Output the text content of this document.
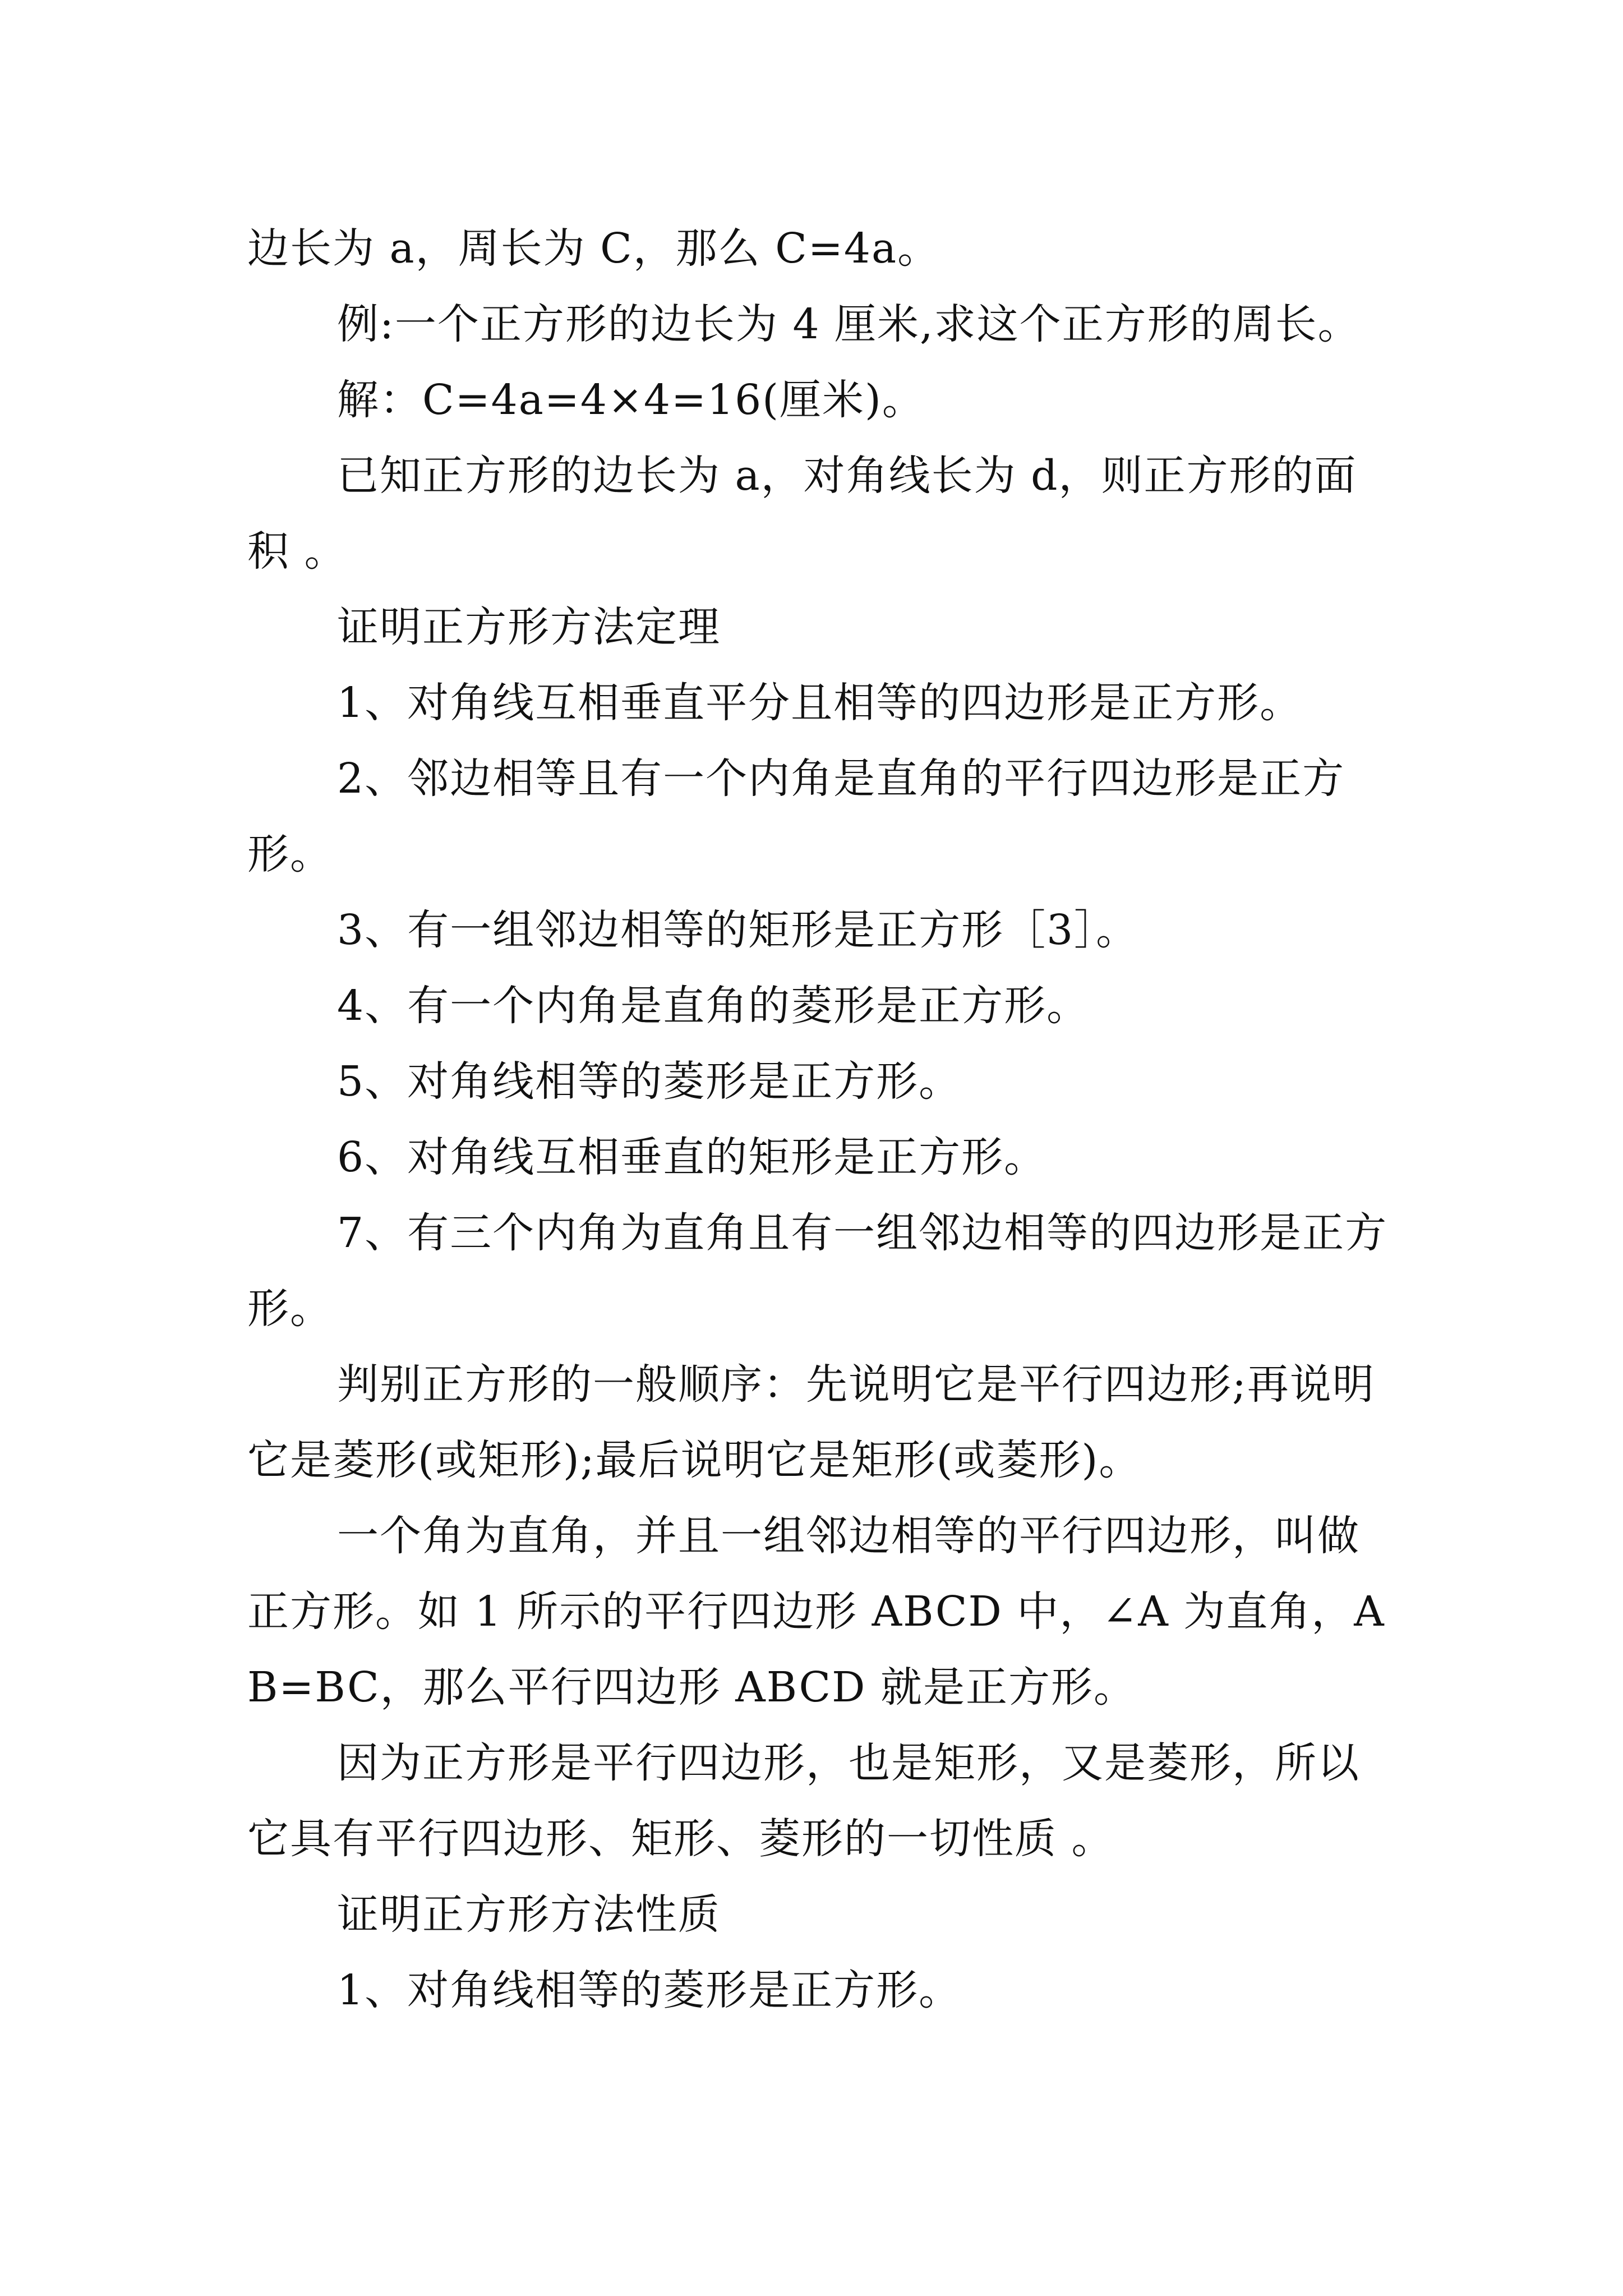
边长为 a，周长为 C，那么 C=4a。

例:一个正方形的边长为 4 厘米,求这个正方形的周长。

解：C=4a=4×4=16(厘米)。

已知正方形的边长为 a，对角线长为 d，则正方形的面积 。

证明正方形方法定理

1、对角线互相垂直平分且相等的四边形是正方形。

2、邻边相等且有一个内角是直角的平行四边形是正方形。

3、有一组邻边相等的矩形是正方形［3］。

4、有一个内角是直角的菱形是正方形。

5、对角线相等的菱形是正方形。

6、对角线互相垂直的矩形是正方形。

7、有三个内角为直角且有一组邻边相等的四边形是正方形。

判别正方形的一般顺序：先说明它是平行四边形;再说明它是菱形(或矩形);最后说明它是矩形(或菱形)。

一个角为直角，并且一组邻边相等的平行四边形，叫做正方形。如 1 所示的平行四边形 ABCD 中，∠A 为直角，AB=BC，那么平行四边形 ABCD 就是正方形。

因为正方形是平行四边形，也是矩形，又是菱形，所以它具有平行四边形、矩形、菱形的一切性质 。

证明正方形方法性质

1、对角线相等的菱形是正方形。
